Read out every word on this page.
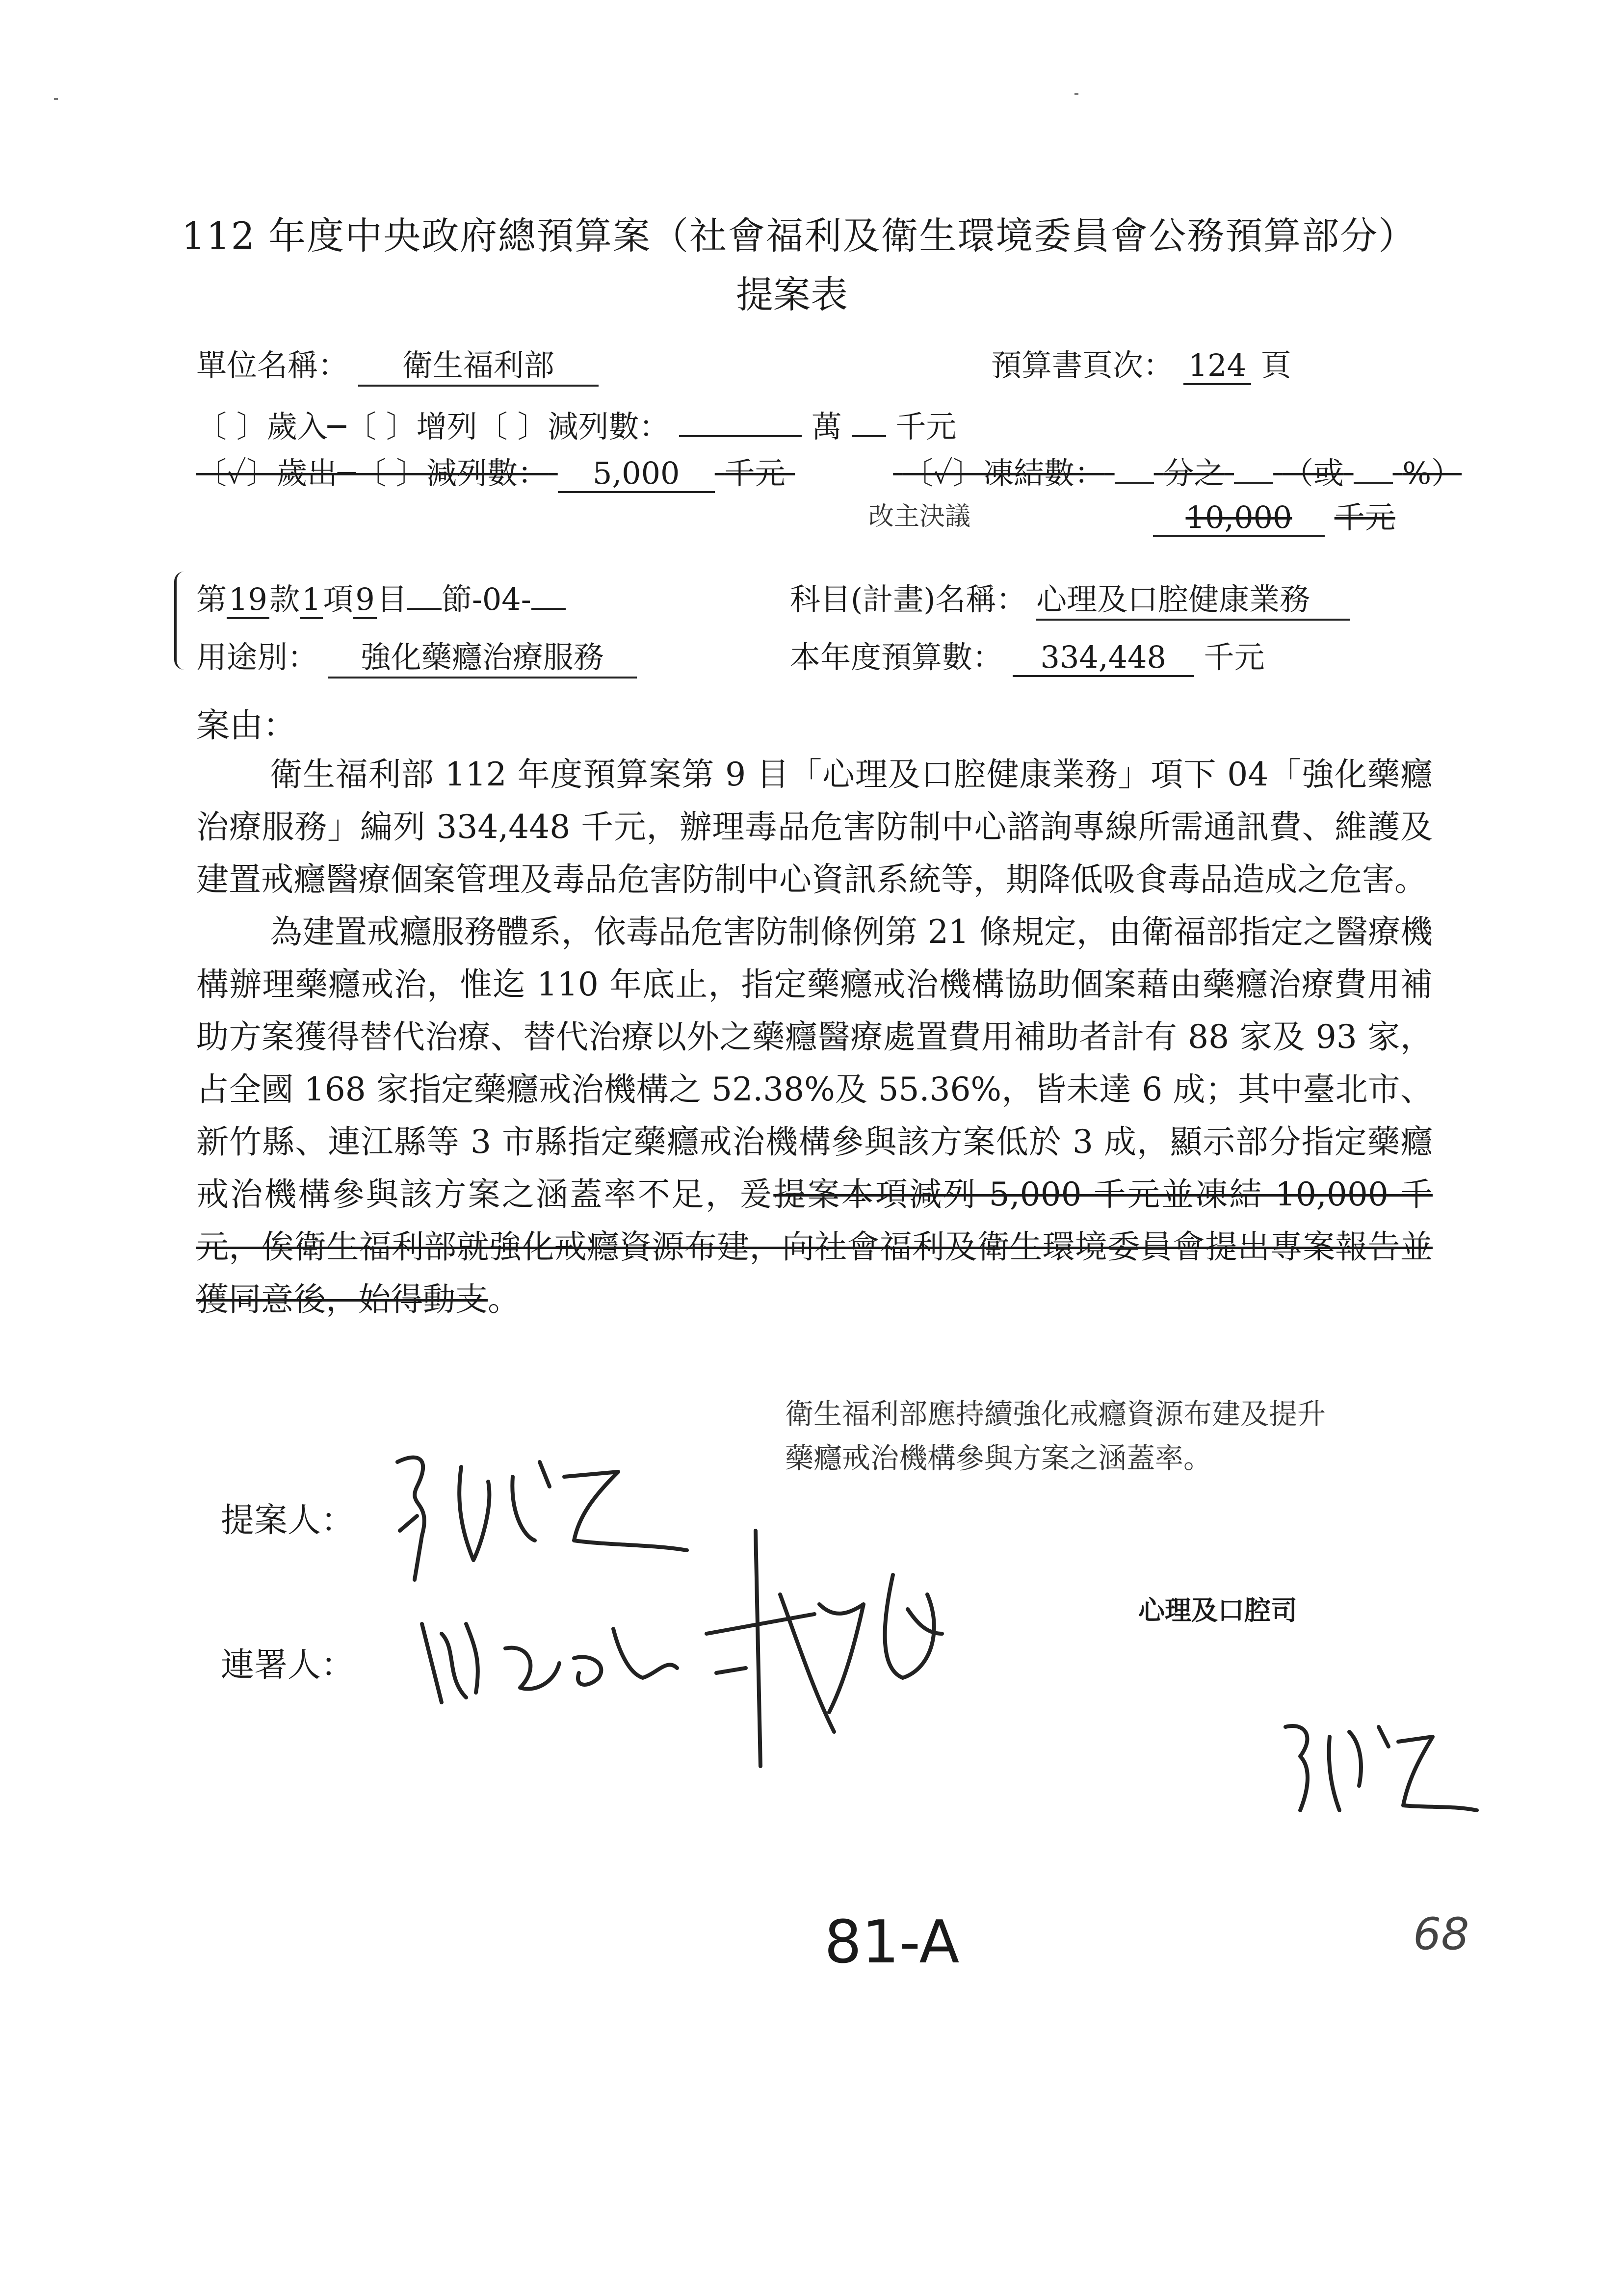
112 年度中央政府總預算案（社會福利及衛生環境委員會公務預算部分）
提案表
單位名稱： 衛生福利部	預算書頁次： 124 頁
〔 〕歲入─〔 〕增列〔 〕減列數：	萬 千元
〔✓〕歲出─〔 〕減列數： 5,000 千元	〔✓〕凍結數： 分之 （或 %）
改主決議	10,000 千元
第19款1項9目 節-04-
用途別： 強化藥癮治療服務
科目(計畫)名稱： 心理及口腔健康業務
本年度預算數： 334,448 千元
案由：

衛生福利部 112 年度預算案第 9 目「心理及口腔健康業務」項下 04「強化藥癮治療服務」編列 334,448 千元，辦理毒品危害防制中心諮詢專線所需通訊費、維護及建置戒癮醫療個案管理及毒品危害防制中心資訊系統等，期降低吸食毒品造成之危害。

為建置戒癮服務體系，依毒品危害防制條例第 21 條規定，由衛福部指定之醫療機構辦理藥癮戒治，惟迄 110 年底止，指定藥癮戒治機構協助個案藉由藥癮治療費用補助方案獲得替代治療、替代治療以外之藥癮醫療處置費用補助者計有 88 家及 93 家，占全國 168 家指定藥癮戒治機構之 52.38%及 55.36%，皆未達 6 成；其中臺北市、新竹縣、連江縣等 3 市縣指定藥癮戒治機構參與該方案低於 3 成，顯示部分指定藥癮戒治機構參與該方案之涵蓋率不足，爰提案本項減列 5,000 千元並凍結 10,000 千元，俟衛生福利部就強化戒癮資源布建，向社會福利及衛生環境委員會提出專案報告並獲同意後，始得動支。

衛生福利部應持續強化戒癮資源布建及提升
藥癮戒治機構參與方案之涵蓋率。
提案人：
連署人：
心理及口腔司
81-A	68
